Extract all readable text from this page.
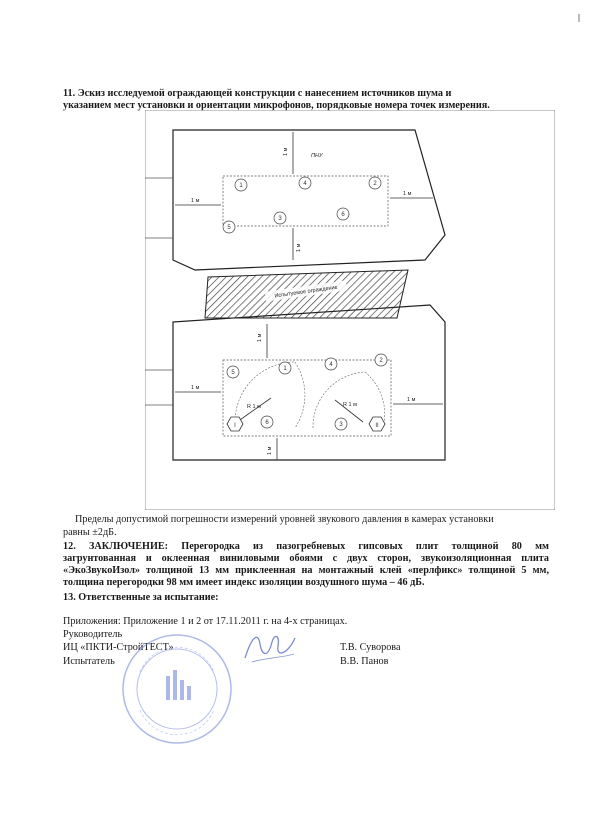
11. Эскиз исследуемой ограждающей конструкции с нанесением источников шума и
указанием мест установки и ориентации микрофонов, порядковые номера точек измерения.
ПНУ
1 м
1 м
1 м
1 м
1	4	2
5
3
6
Испытуемое ограждение
1 м
1 м
1 м
1 м
R 1 м	R 1 м
5
1
4
2
6	3
I	II
Пределы допустимой погрешности измерений уровней звукового давления в камерах установки
равны ±2дБ.
12. ЗАКЛЮЧЕНИЕ: Перегородка из пазогребневых гипсовых плит толщиной 80 мм
загрунтованная и оклеенная виниловыми обоями с двух сторон, звукоизоляционная плита
«ЭкоЗвукоИзол» толщиной 13 мм приклеенная на монтажный клей «перлфикс» толщиной 5 мм,
толщина перегородки 98 мм имеет индекс изоляции воздушного шума – 46 дБ.
13. Ответственные за испытание:
Приложения: Приложение 1 и 2 от 17.11.2011 г. на 4-х страницах.
Руководитель
ИЦ «ПКТИ-СтройТЕСТ»	Т.В. Суворова
Испытатель	В.В. Панов
